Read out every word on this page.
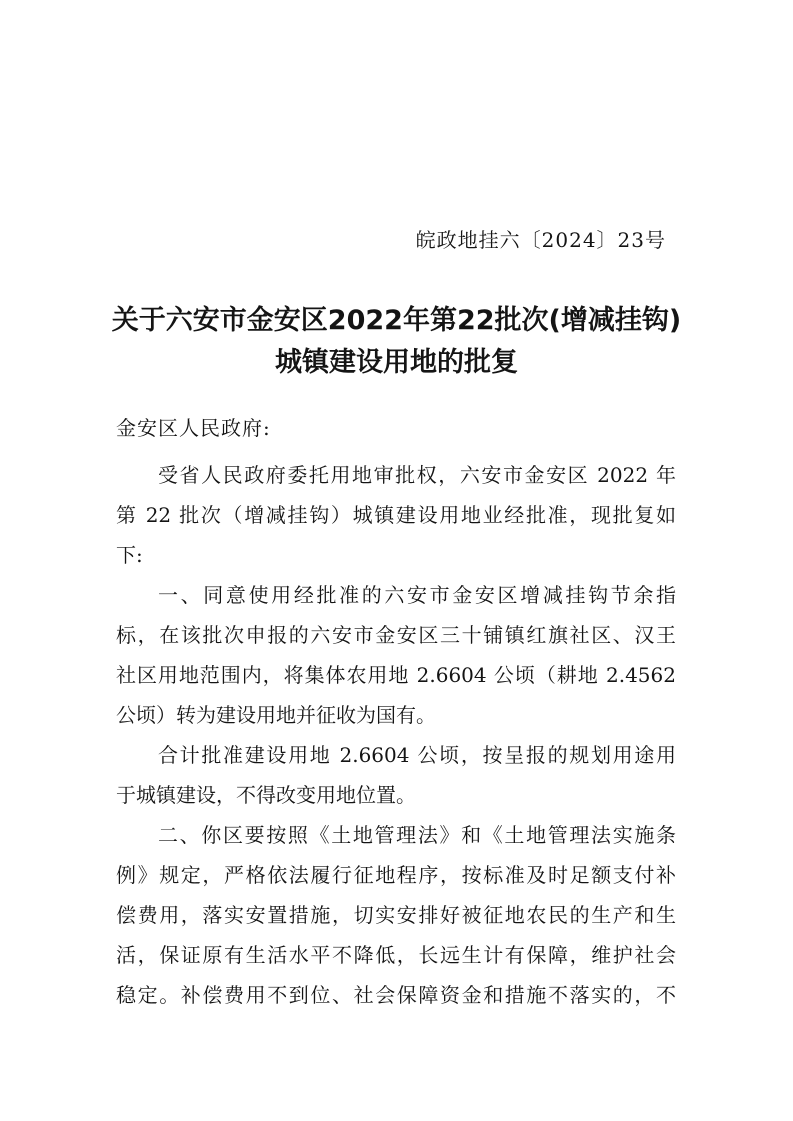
皖政地挂六〔2024〕23号
关于六安市金安区2022年第22批次(增减挂钩)
城镇建设用地的批复
金安区人民政府:
受省人民政府委托用地审批权，六安市金安区 2022 年
第 22 批次（增减挂钩）城镇建设用地业经批准，现批复如
下:
一、同意使用经批准的六安市金安区增减挂钩节余指
标，在该批次申报的六安市金安区三十铺镇红旗社区、汉王
社区用地范围内，将集体农用地 2.6604 公顷（耕地 2.4562
公顷）转为建设用地并征收为国有。
合计批准建设用地 2.6604 公顷，按呈报的规划用途用
于城镇建设，不得改变用地位置。
二、你区要按照《土地管理法》和《土地管理法实施条
例》规定，严格依法履行征地程序，按标准及时足额支付补
偿费用，落实安置措施，切实安排好被征地农民的生产和生
活，保证原有生活水平不降低，长远生计有保障，维护社会
稳定。补偿费用不到位、社会保障资金和措施不落实的，不
